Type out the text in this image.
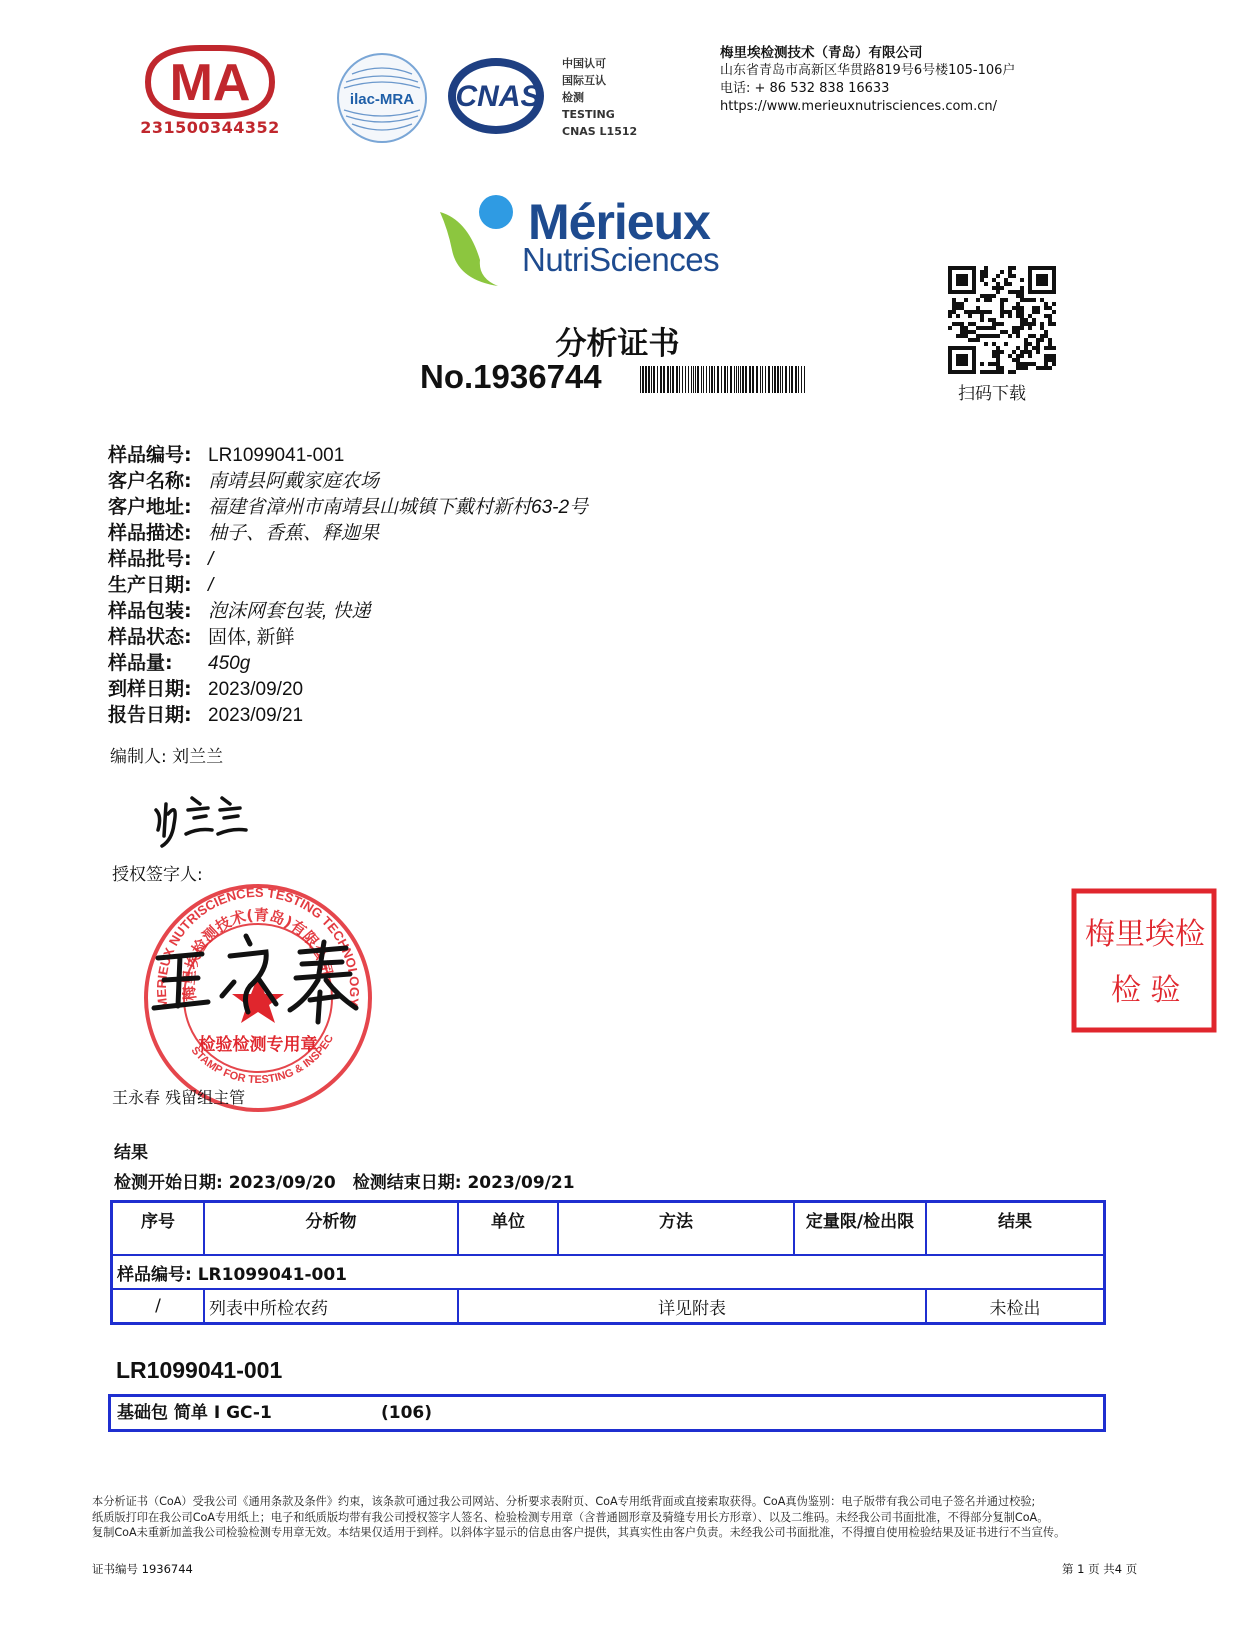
MA
231500344352
ilac-MRA CNAS
中国认可
国际互认
检测
TESTING
CNAS L1512
梅里埃检测技术（青岛）有限公司
山东省青岛市高新区华贯路819号6号楼105-106户
电话: + 86 532 838 16633
https://www.merieuxnutrisciences.com.cn/
Mérieux
NutriSciences
扫码下载
分析证书
No.1936744
样品编号: LR1099041-001
客户名称: 南靖县阿戴家庭农场
客户地址: 福建省漳州市南靖县山城镇下戴村新村63-2号
样品描述: 柚子、香蕉、释迦果
样品批号: /
生产日期: /
样品包装: 泡沫网套包装, 快递
样品状态: 固体, 新鲜
样品量: 450g
到样日期: 2023/09/20
报告日期: 2023/09/21
编制人: 刘兰兰
授权签字人:
MERIEUX NUTRISCIENCES TESTING TECHNOLOGY
梅里埃检测技术(青岛)有限公司
检验检测专用章
STAMP FOR TESTING & INSPEC
王永春 残留组主管
梅里埃检
检 验
结果
检测开始日期: 2023/09/20　检测结束日期: 2023/09/21
序号	分析物	单位	方法	定量限/检出限	结果
样品编号: LR1099041-001					
/	列表中所检农药	详见附表			未检出
LR1099041-001
基础包 简单 I GC-1	(106)
本分析证书（CoA）受我公司《通用条款及条件》约束，该条款可通过我公司网站、分析要求表附页、CoA专用纸背面或直接索取获得。CoA真伪鉴别：电子版带有我公司电子签名并通过校验;
纸质版打印在我公司CoA专用纸上；电子和纸质版均带有我公司授权签字人签名、检验检测专用章（含普通圆形章及骑缝专用长方形章）、以及二维码。未经我公司书面批准，不得部分复制CoA。
复制CoA未重新加盖我公司检验检测专用章无效。本结果仅适用于到样。以斜体字显示的信息由客户提供，其真实性由客户负责。未经我公司书面批准，不得擅自使用检验结果及证书进行不当宣传。
证书编号 1936744	第 1 页 共4 页
